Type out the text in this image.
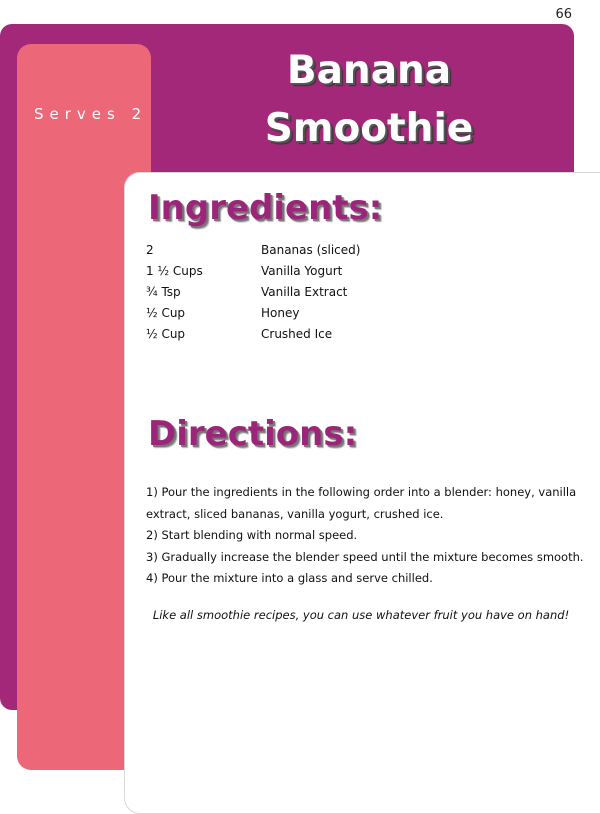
66
Serves 2
Banana
Smoothie
Ingredients:
2	Bananas (sliced)
1 ½ Cups	Vanilla Yogurt
¾ Tsp	Vanilla Extract
½ Cup	Honey
½ Cup	Crushed Ice
Directions:
1) Pour the ingredients in the following order into a blender: honey, vanilla
extract, sliced bananas, vanilla yogurt, crushed ice.
2) Start blending with normal speed.
3) Gradually increase the blender speed until the mixture becomes smooth.
4) Pour the mixture into a glass and serve chilled.
Like all smoothie recipes, you can use whatever fruit you have on hand!
